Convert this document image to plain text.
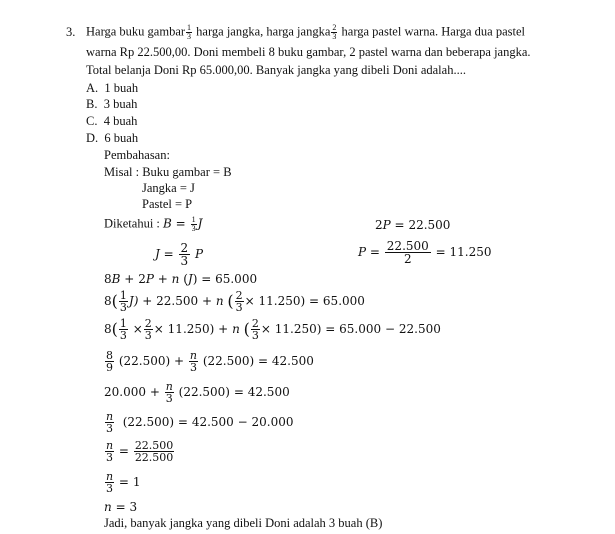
3. Harga buku gambar $\frac{1}{3}$ harga jangka, harga jangka $\frac{2}{3}$ harga pastel warna. Harga dua pastel
warna Rp 22.500,00. Doni membeli 8 buku gambar, 2 pastel warna dan beberapa jangka.
Total belanja Doni Rp 65.000,00. Banyak jangka yang dibeli Doni adalah....
A. 1 buah
B. 3 buah
C. 4 buah
D. 6 buah
Pembahasan:
Misal : Buku gambar = B
Jangka = J
Pastel = P
Diketahui : $B = \frac{1}{3}$ J	2P = 22.500
$J = \frac{2}{3}$ P	$P = \frac{22.500}{2} = 11.250$
8B + 2P + n (J) = 65.000
$8( \frac{1}{3} J) + 22.500 + n$ ( $\frac{2}{3} \times 11.250) = 65.000$
$8( \frac{1}{3} \times \frac{2}{3} \times 11.250) + n$ ( $\frac{2}{3} \times 11.250) = 65.000 - 22.500$
$\frac{8}{9} (22.500) + \frac{n}{3} (22.500) = 42.500$
$20.000 + \frac{n}{3} (22.500) = 42.500$
$\frac{n}{3} (22.500) = 42.500 - 20.000$
$\frac{n}{3} = \frac{22.500}{22.500}$
$\frac{n}{3} = 1$
n = 3
Jadi, banyak jangka yang dibeli Doni adalah 3 buah (B)
